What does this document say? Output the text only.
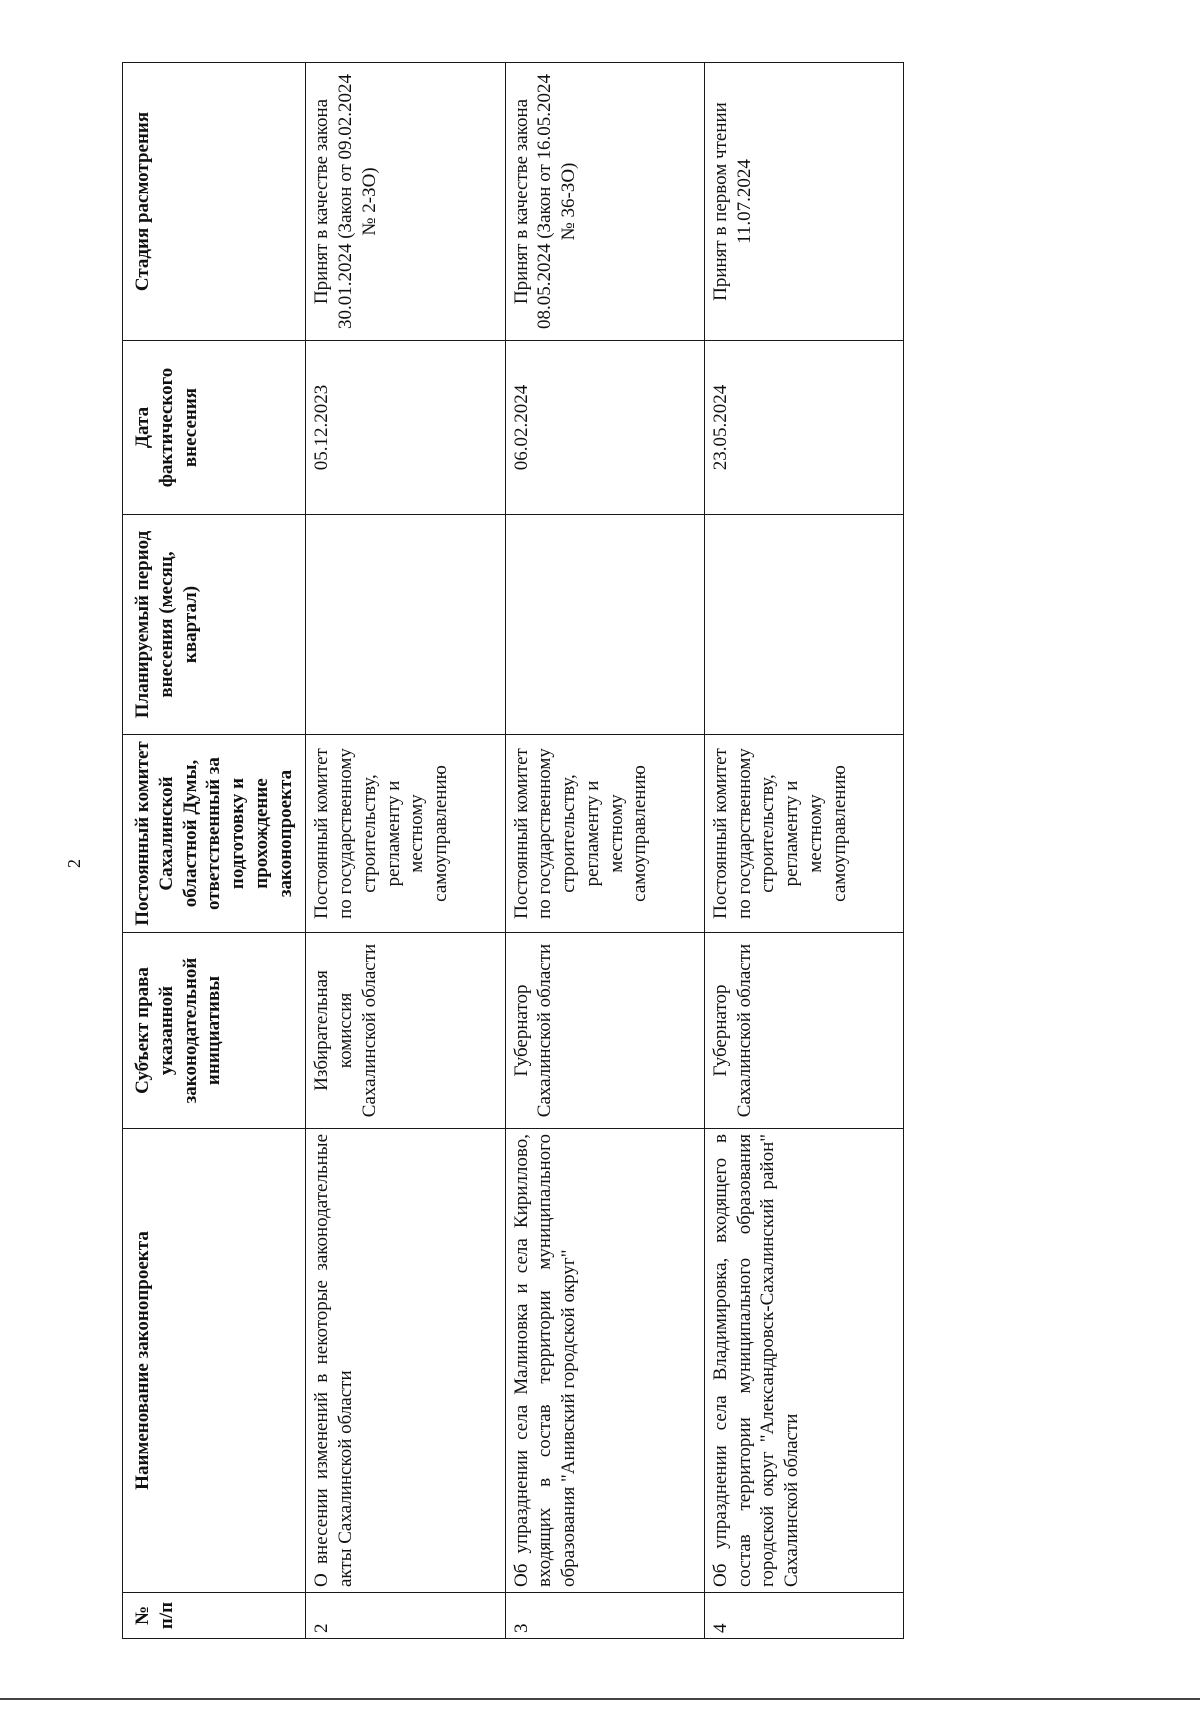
2
№ п/п	Наименование законопроекта	Субъект права указанной законодательной инициативы	Постоянный комитет Сахалинской областной Думы, ответственный за подготовку и прохождение законопроекта	Планируемый период внесения (месяц, квартал)	Дата фактического внесения	Стадия расмотрения
2	О внесении изменений в некоторые законодательные акты Сахалинской области	Избирательная комиссия Сахалинской области	Постоянный комитет по государственному строительству, регламенту и местному самоуправлению		05.12.2023	Принят в качестве закона 30.01.2024 (Закон от 09.02.2024 № 2-ЗО)
3	Об упразднении села Малиновка и села Кириллово, входящих в состав территории муниципального образования "Анивский городской округ"	Губернатор Сахалинской области	Постоянный комитет по государственному строительству, регламенту и местному самоуправлению		06.02.2024	Принят в качестве закона 08.05.2024 (Закон от 16.05.2024 № 36-ЗО)
4	Об упразднении села Владимировка, входящего в состав территории муниципального образования городской округ "Александровск-Сахалинский район" Сахалинской области	Губернатор Сахалинской области	Постоянный комитет по государственному строительству, регламенту и местному самоуправлению		23.05.2024	Принят в первом чтении 11.07.2024
